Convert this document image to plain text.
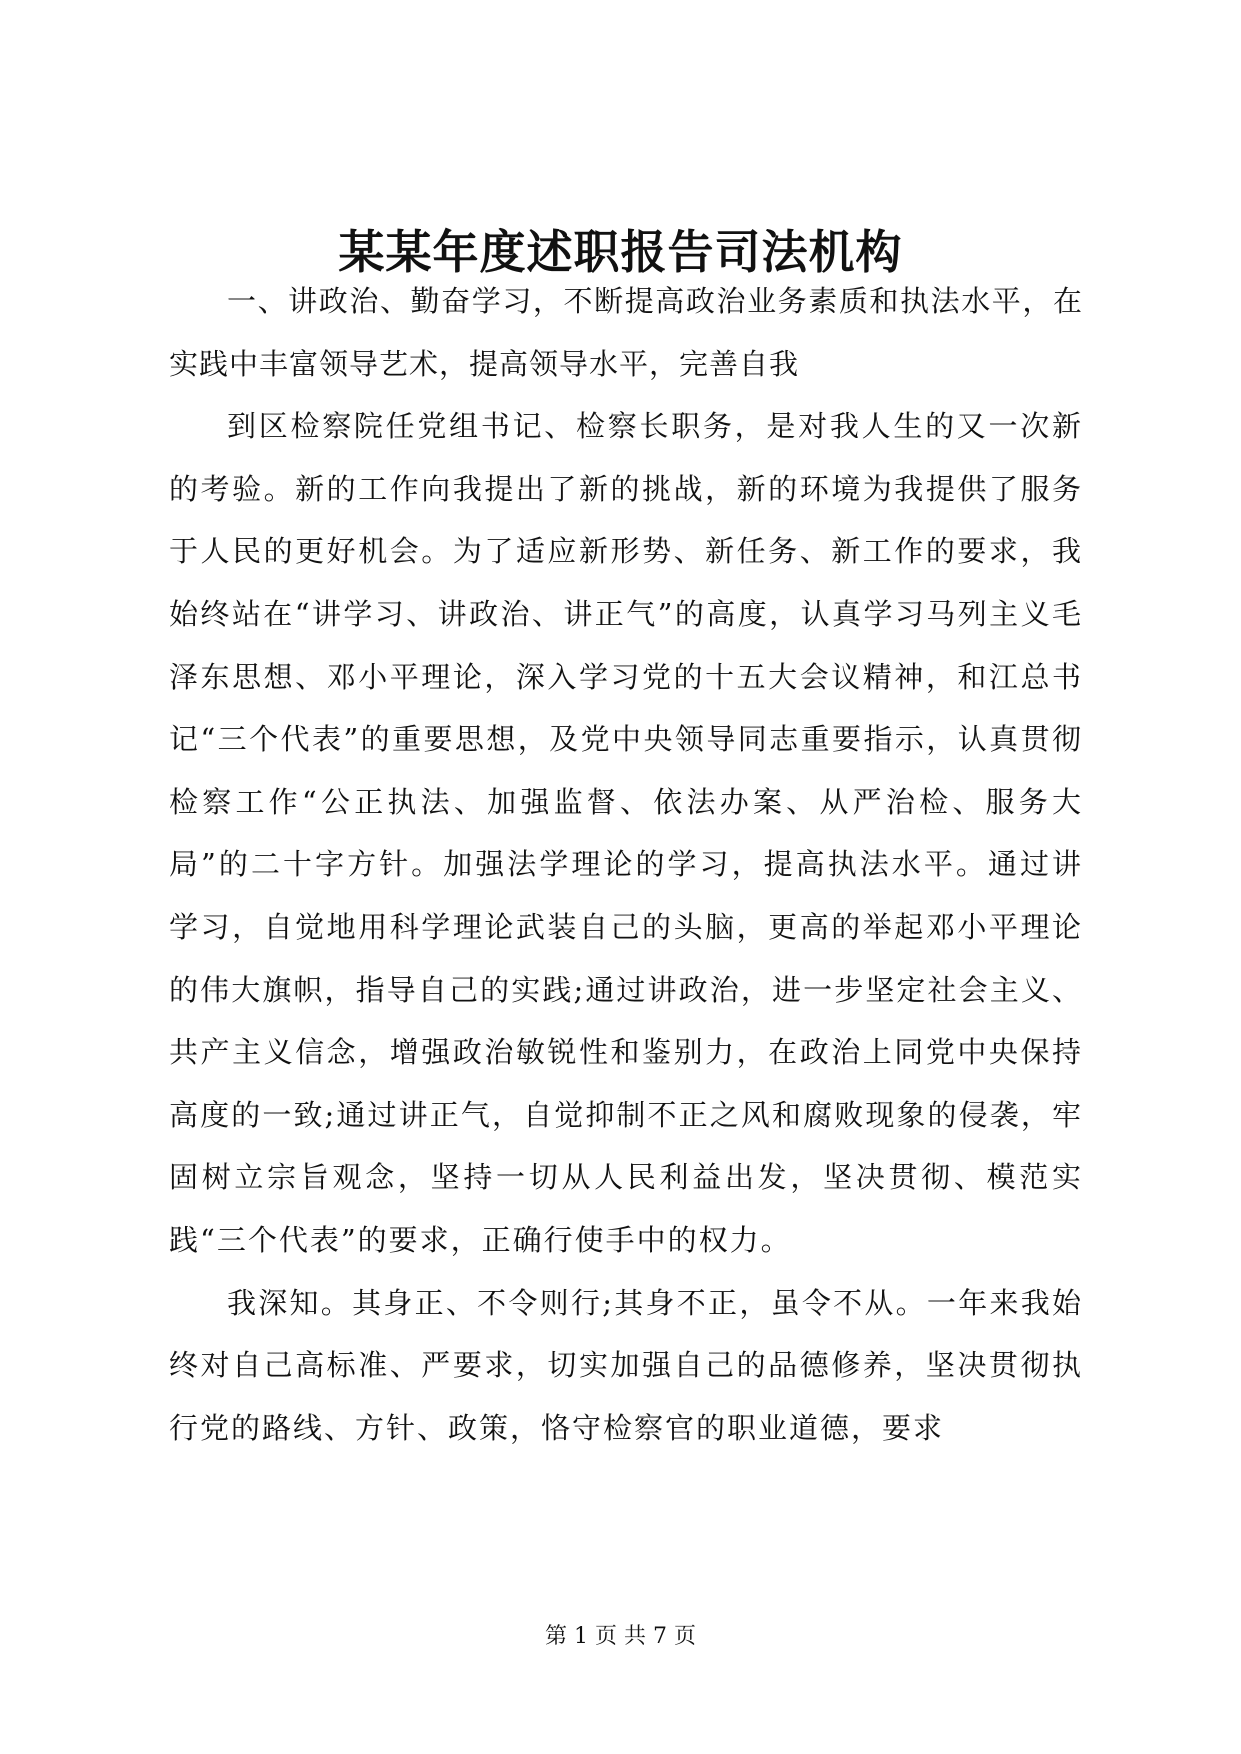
某某年度述职报告司法机构

一、讲政治、勤奋学习，不断提高政治业务素质和执法水平，在实践中丰富领导艺术，提高领导水平，完善自我

到区检察院任党组书记、检察长职务，是对我人生的又一次新的考验。新的工作向我提出了新的挑战，新的环境为我提供了服务于人民的更好机会。为了适应新形势、新任务、新工作的要求，我始终站在“讲学习、讲政治、讲正气”的高度，认真学习马列主义毛泽东思想、邓小平理论，深入学习党的十五大会议精神，和江总书记“三个代表”的重要思想，及党中央领导同志重要指示，认真贯彻检察工作“公正执法、加强监督、依法办案、从严治检、服务大局”的二十字方针。加强法学理论的学习，提高执法水平。通过讲学习，自觉地用科学理论武装自己的头脑，更高的举起邓小平理论的伟大旗帜，指导自己的实践;通过讲政治，进一步坚定社会主义、共产主义信念，增强政治敏锐性和鉴别力，在政治上同党中央保持高度的一致;通过讲正气，自觉抑制不正之风和腐败现象的侵袭，牢固树立宗旨观念，坚持一切从人民利益出发，坚决贯彻、模范实践“三个代表”的要求，正确行使手中的权力。

我深知。其身正、不令则行;其身不正，虽令不从。一年来我始终对自己高标准、严要求，切实加强自己的品德修养，坚决贯彻执行党的路线、方针、政策，恪守检察官的职业道德，要求

第 1 页 共 7 页
